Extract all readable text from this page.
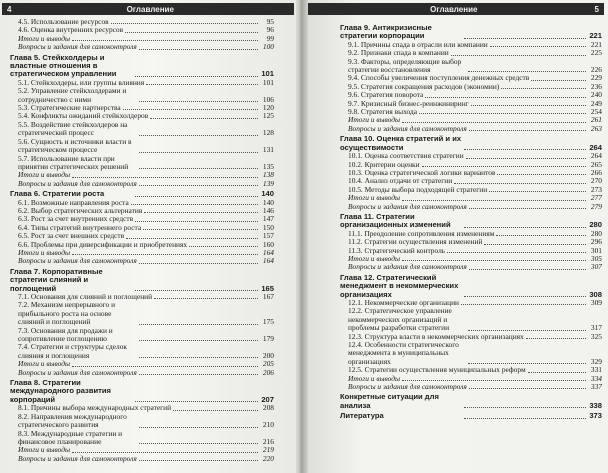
4	Оглавление
4.5. Использование ресурсов	95
4.6. Оценка внутренних ресурсов	96
Итоги и выводы	99
Вопросы и задания для самоконтроля	100
Глава 5. Стейкхолдеры и властные отношения в стратегическом управлении	101
5.1. Стейкхолдеры, или группы влияния	101
5.2. Управление стейкхолдерами и сотрудничество с ними	106
5.3. Стратегические партнерства	120
5.4. Конфликты ожиданий стейкхолдеров	125
5.5. Воздействие стейкхолдеров на стратегический процесс	128
5.6. Сущность и источники власти в стратегическом процессе	131
5.7. Использование власти при принятии стратегических решений	135
Итоги и выводы	138
Вопросы и задания для самоконтроля	139
Глава 6. Стратегии роста	140
6.1. Возможные направления роста	140
6.2. Выбор стратегических альтернатив	146
6.3. Рост за счет внутренних средств	147
6.4. Типы стратегий внутреннего роста	150
6.5. Рост за счет внешних средств	157
6.6. Проблемы при диверсификации и приобретениях	160
Итоги и выводы	164
Вопросы и задания для самоконтроля	164
Глава 7. Корпоративные стратегии слияний и поглощений	165
7.1. Основания для слияний и поглощений	167
7.2. Механизм непрерывного и прибыльного роста на основе слияний и поглощений	175
7.3. Основания для продажи и сопротивление поглощению	179
7.4. Стратегии и структуры сделок слияния и поглощения	200
Итоги и выводы	205
Вопросы и задания для самоконтроля	206
Глава 8. Стратегии международного развития корпораций	207
8.1. Причины выбора международных стратегий	208
8.2. Направления международного стратегического развития	210
8.3. Международные стратегии и финансовое планирование	216
Итоги и выводы	219
Вопросы и задания для самоконтроля	220
Оглавление	5
Глава 9. Антикризисные стратегии корпорации	221
9.1. Причины спада в отрасли или компании	221
9.2. Признаки спада в компании	225
9.3. Факторы, определяющие выбор стратегии восстановления	226
9.4. Способы увеличения поступления денежных средств	229
9.5. Стратегия сокращения расходов (экономии)	236
9.6. Стратегия поворота	240
9.7. Кризисный бизнес-реинжиниринг	249
9.8. Стратегия выхода	254
Итоги и выводы	261
Вопросы и задания для самоконтроля	263
Глава 10. Оценка стратегий и их осуществимости	264
10.1. Оценка соответствия стратегии	264
10.2. Критерии оценки	265
10.3. Оценка стратегической логики вариантов	266
10.4. Анализ отдачи от стратегии	270
10.5. Методы выбора подходящей стратегии	273
Итоги и выводы	277
Вопросы и задания для самоконтроля	279
Глава 11. Стратегии организационных изменений	280
11.1. Преодоление сопротивления изменениям	280
11.2. Стратегии осуществления изменений	296
11.3. Стратегический контроль	301
Итоги и выводы	305
Вопросы и задания для самоконтроля	307
Глава 12. Стратегический менеджмент в некоммерческих организациях	308
12.1. Некоммерческие организации	309
12.2. Стратегическое управление некоммерческих организаций и проблемы разработки стратегии	317
12.3. Структура власти в некоммерческих организациях	325
12.4. Особенности стратегического менеджмента в муниципальных организациях	329
12.5. Стратегии осуществления муниципальных реформ	331
Итоги и выводы	334
Вопросы и задания для самоконтроля	337
Конкретные ситуации для анализа	338
Литература	373
